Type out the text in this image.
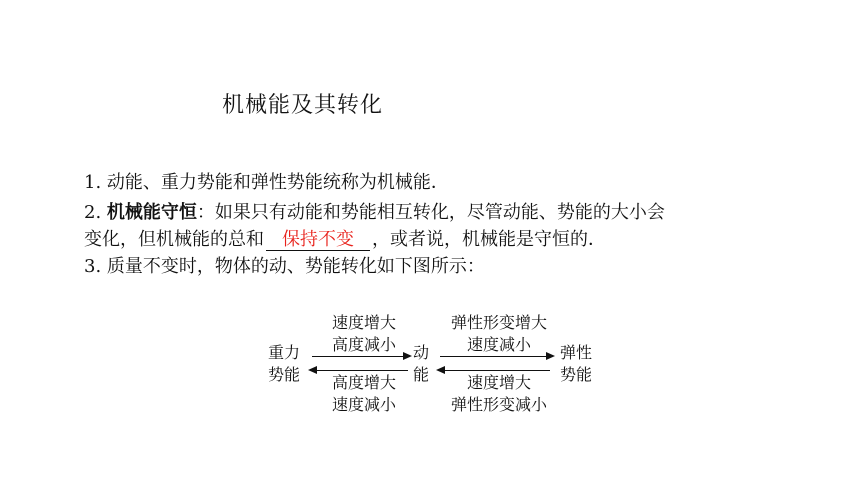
机械能及其转化
1. 动能、重力势能和弹性势能统称为机械能．
2. 机械能守恒：如果只有动能和势能相互转化，尽管动能、势能的大小会
变化，但机械能的总和 保持不变 ，或者说，机械能是守恒的．
3. 质量不变时，物体的动、势能转化如下图所示：
重力
势能
动
能
弹性
势能
速度增大
高度减小
高度增大
速度减小
弹性形变增大
速度减小
速度增大
弹性形变减小
